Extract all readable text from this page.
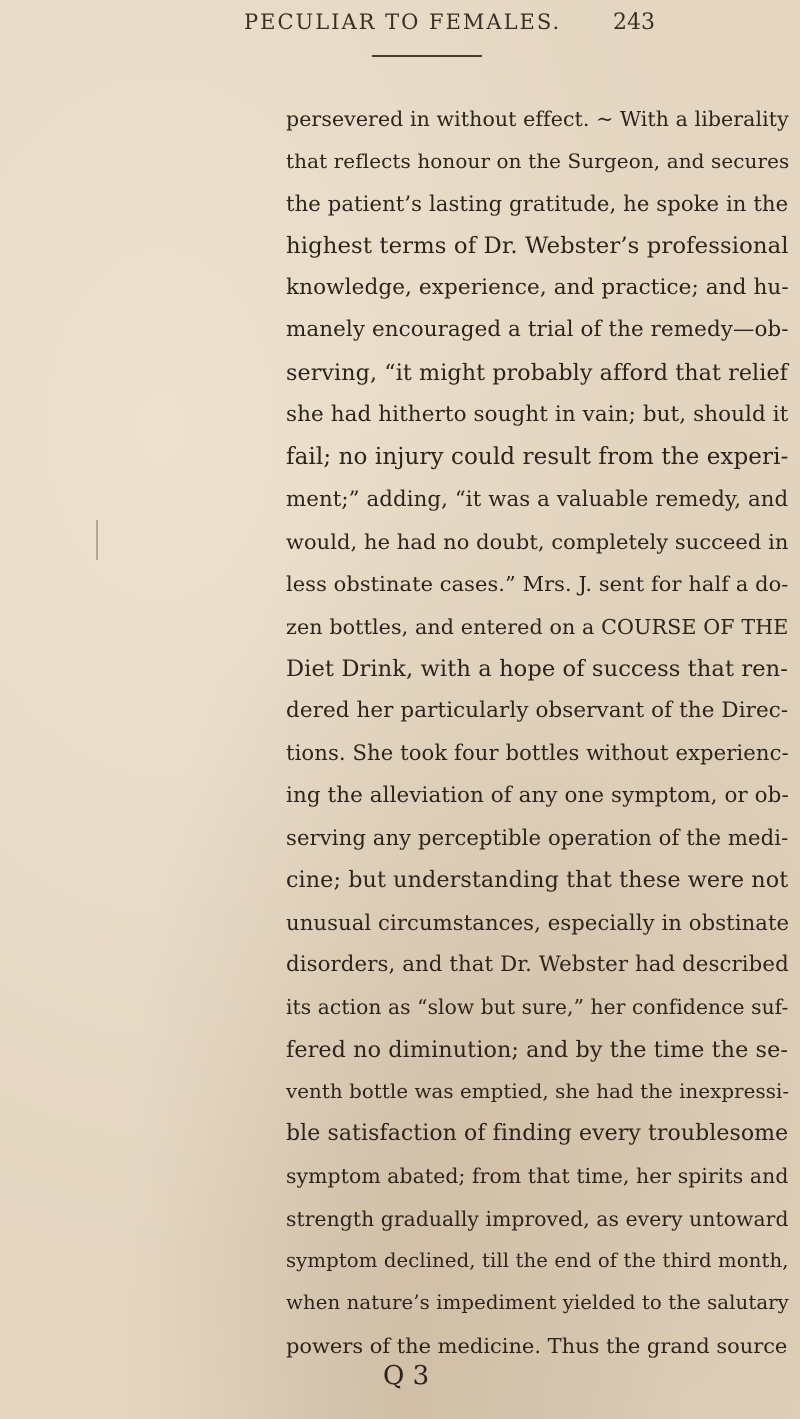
PECULIAR TO FEMALES. 243
persevered in without effect. ~ With a liberality
that reflects honour on the Surgeon, and secures
the patient’s lasting gratitude, he spoke in the
highest terms of Dr. Webster’s professional
knowledge, experience, and practice; and hu-
manely encouraged a trial of the remedy—ob-
serving, “it might probably afford that relief
she had hitherto sought in vain; but, should it
fail; no injury could result from the experi-
ment;” adding, “it was a valuable remedy, and
would, he had no doubt, completely succeed in
less obstinate cases.” Mrs. J. sent for half a do-
zen bottles, and entered on a COURSE OF THE
Diet Drink, with a hope of success that ren-
dered her particularly observant of the Direc-
tions. She took four bottles without experienc-
ing the alleviation of any one symptom, or ob-
serving any perceptible operation of the medi-
cine; but understanding that these were not
unusual circumstances, especially in obstinate
disorders, and that Dr. Webster had described
its action as “slow but sure,” her confidence suf-
fered no diminution; and by the time the se-
venth bottle was emptied, she had the inexpressi-
ble satisfaction of finding every troublesome
symptom abated; from that time, her spirits and
strength gradually improved, as every untoward
symptom declined, till the end of the third month,
when nature’s impediment yielded to the salutary
powers of the medicine. Thus the grand source
Q 3
